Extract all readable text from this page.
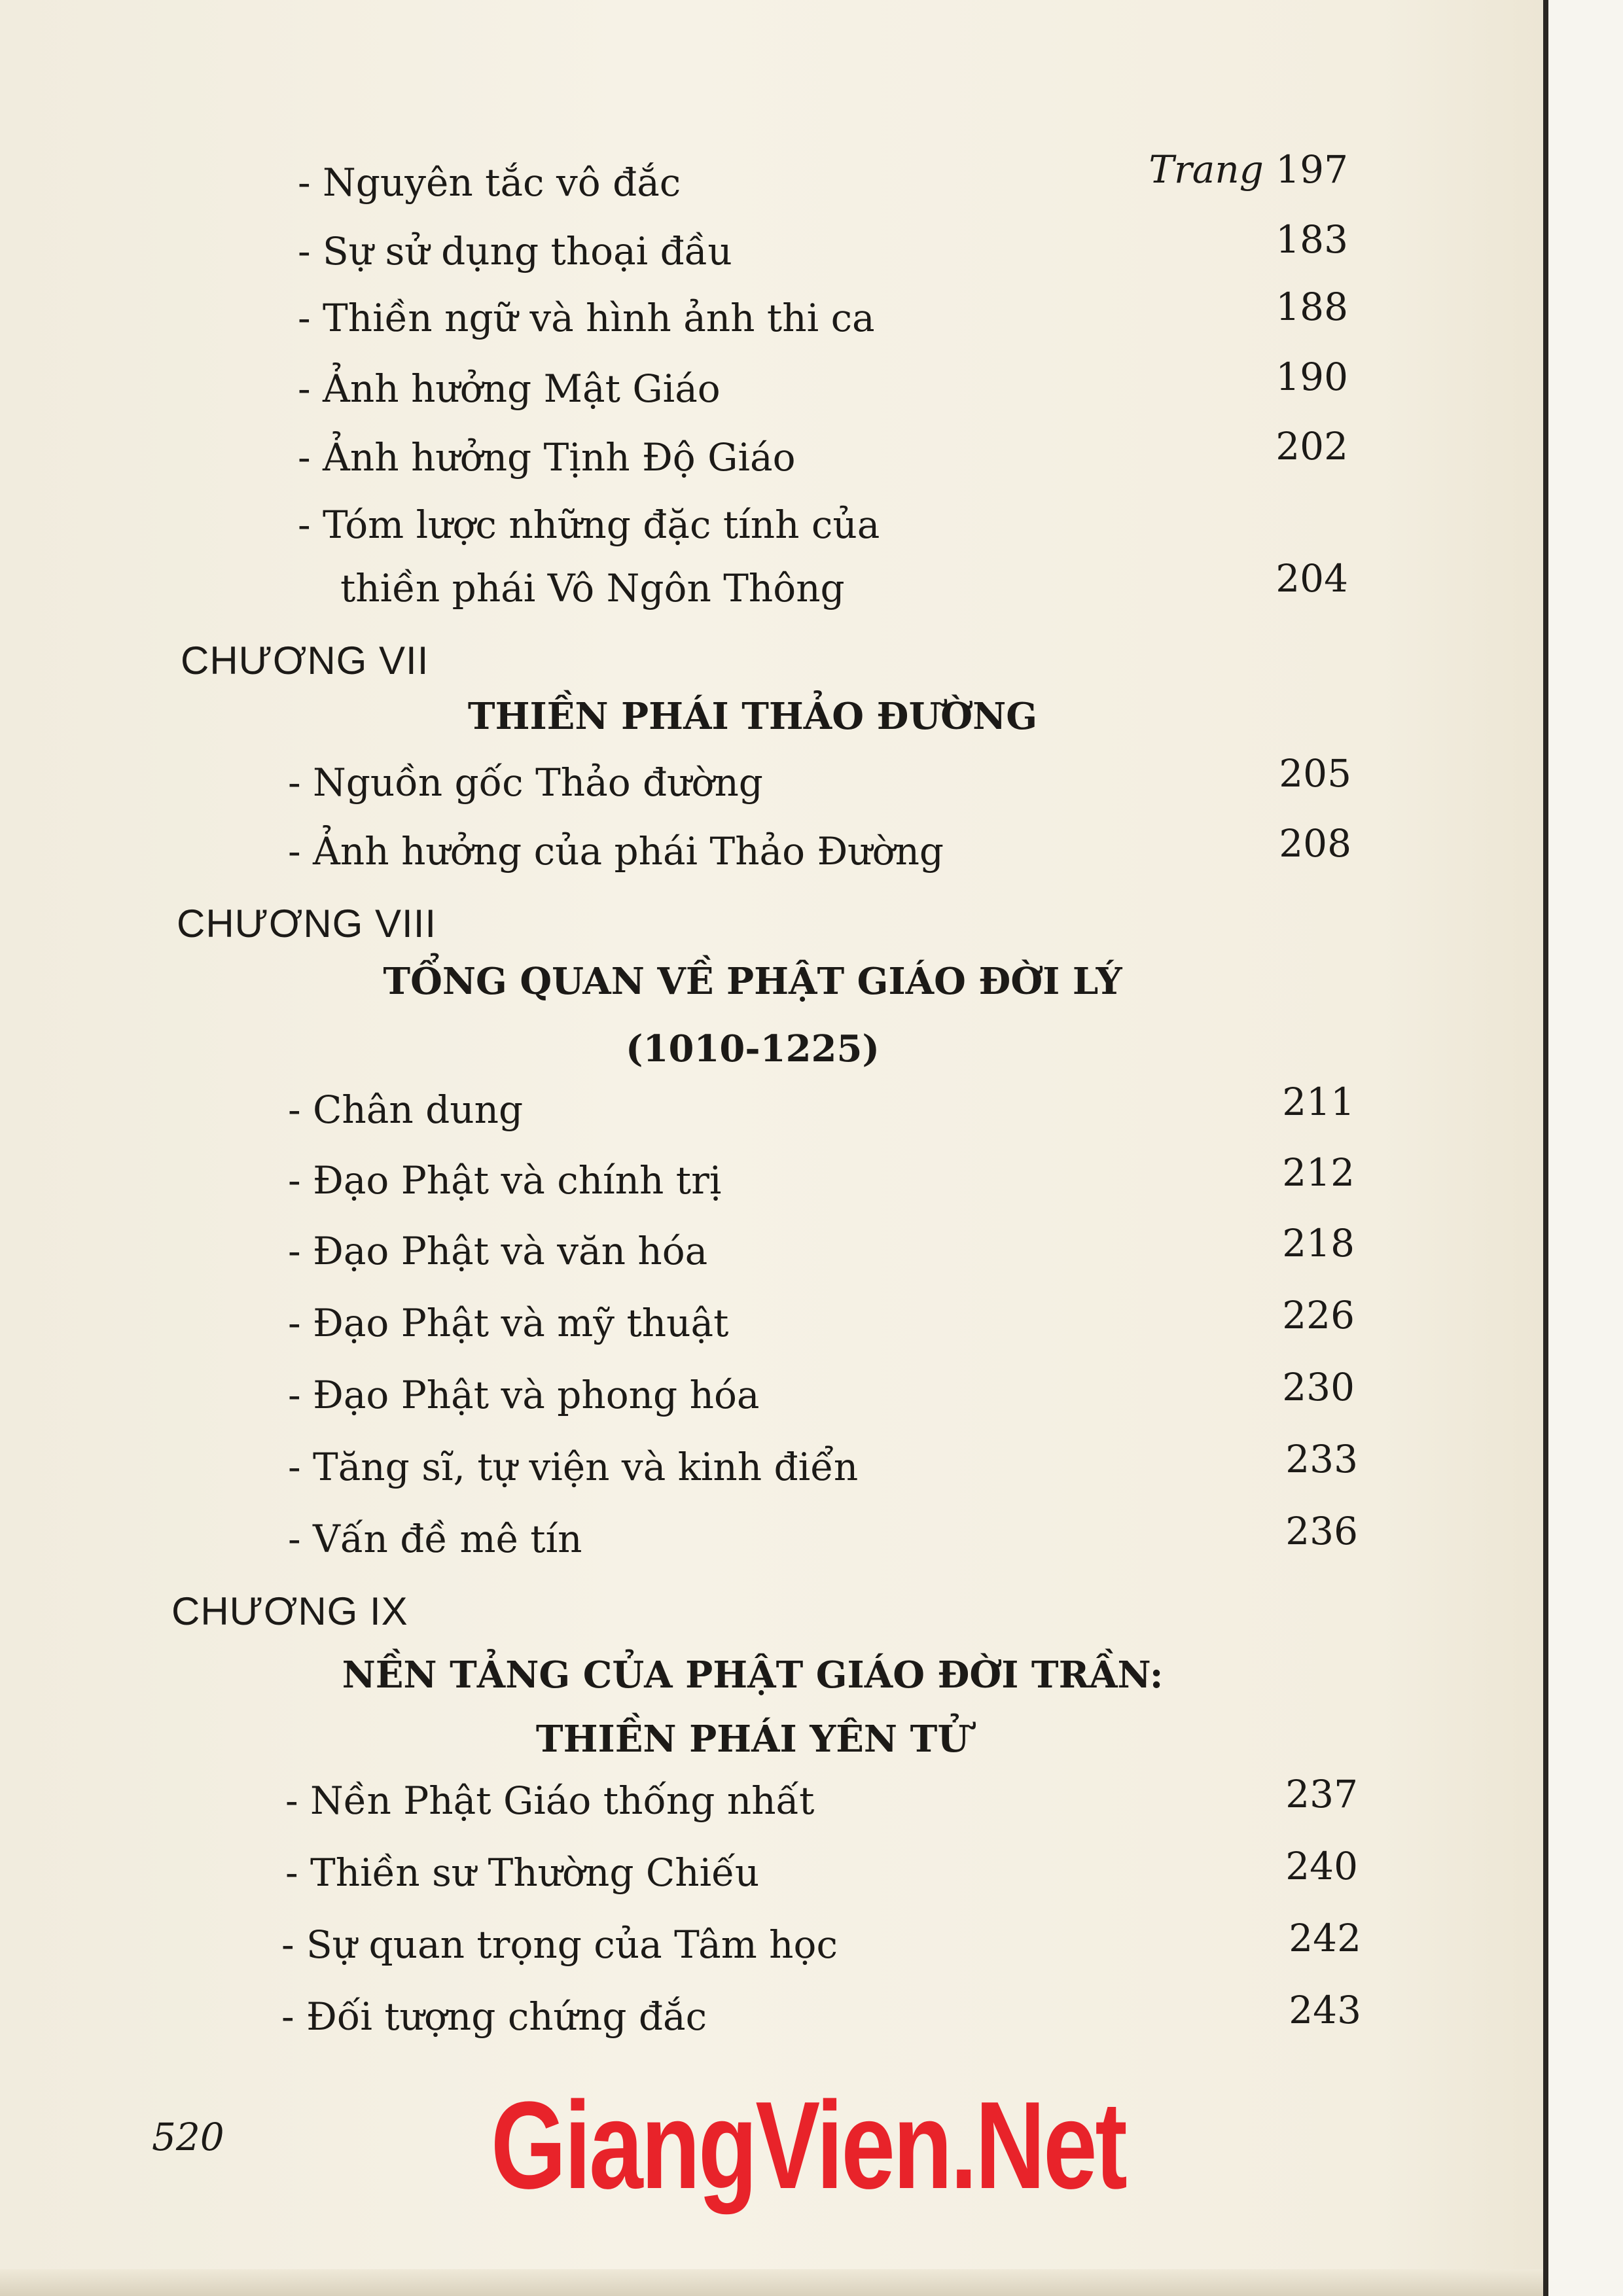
- Nguyên tắc vô đắc	Trang 197
- Sự sử dụng thoại đầu	183
- Thiền ngữ và hình ảnh thi ca	188
- Ảnh hưởng Mật Giáo	190
- Ảnh hưởng Tịnh Độ Giáo	202
- Tóm lược những đặc tính của
thiền phái Vô Ngôn Thông	204
CHƯƠNG VII
THIỀN PHÁI THẢO ĐƯỜNG
- Nguồn gốc Thảo đường	205
- Ảnh hưởng của phái Thảo Đường	208
CHƯƠNG VIII
TỔNG QUAN VỀ PHẬT GIÁO ĐỜI LÝ
(1010-1225)
- Chân dung	211
- Đạo Phật và chính trị	212
- Đạo Phật và văn hóa	218
- Đạo Phật và mỹ thuật	226
- Đạo Phật và phong hóa	230
- Tăng sĩ, tự viện và kinh điển	233
- Vấn đề mê tín	236
CHƯƠNG IX
NỀN TẢNG CỦA PHẬT GIÁO ĐỜI TRẦN:
THIỀN PHÁI YÊN TỬ
- Nền Phật Giáo thống nhất	237
- Thiền sư Thường Chiếu	240
- Sự quan trọng của Tâm học	242
- Đối tượng chứng đắc	243
520 GiangVien.Net
